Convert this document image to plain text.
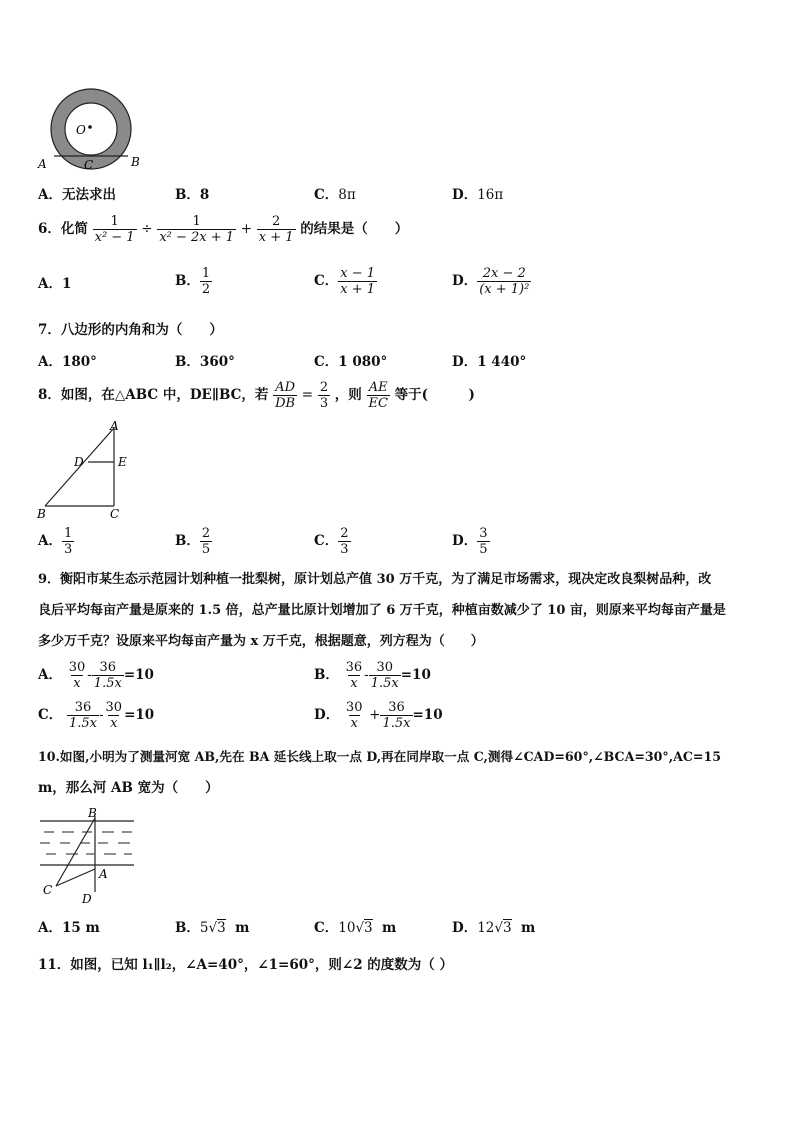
O
A	C	B
A．无法求出	B．8	C．8π	D．16π
6．化简 $\frac{1}{\text{x² − 1}} \div \frac{1}{\text{x² − 2x + 1}} + \frac{2}{x + 1}$ 的结果是（　　）
A．1	B． $\frac{1}{2}$	C． $\frac{x - 1}{x + 1}$	D． $\frac{2x - 2}{\text{(x + 1)²}}$
7．八边形的内角和为（　　）
A．180°	B．360°	C．1 080°	D．1 440°
8．如图，在△ABC 中，DE∥BC，若 $\frac{AD}{DB} = \frac{2}{3}$ ，则 $\frac{AE}{EC}$ 等于(　　　)
A
D	E
B	C
A． $\frac{1}{3}$	B． $\frac{2}{5}$	C． $\frac{2}{3}$	D． $\frac{3}{5}$
9．衡阳市某生态示范园计划种植一批梨树，原计划总产值 30 万千克，为了满足市场需求，现决定改良梨树品种，改
良后平均每亩产量是原来的 1.5 倍，总产量比原计划增加了 6 万千克，种植亩数减少了 10 亩，则原来平均每亩产量是
多少万千克？设原来平均每亩产量为 x 万千克，根据题意，列方程为（　　）
A． $\frac{30}{x} - \frac{36}{1.5x} =10$	B． $\frac{36}{x} - \frac{30}{1.5x} =10$
C． $\frac{36}{1.5x} - \frac{30}{x} =10$	D． $\frac{30}{x} + \frac{36}{1.5x} =10$
10.如图,小明为了测量河宽 AB,先在 BA 延长线上取一点 D,再在同岸取一点 C,测得∠CAD=60°,∠BCA=30°,AC=15
m，那么河 AB 宽为（　　）
B
A
C
D
A．15 m	B．5√3 m	C．10√3 m	D．12√3 m
11．如图，已知 l₁∥l₂，∠A=40°，∠1=60°，则∠2 的度数为（ ）
